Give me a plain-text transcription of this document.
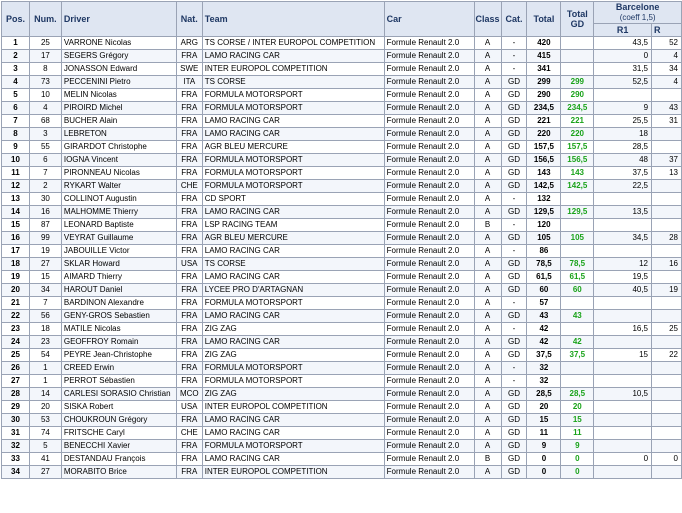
Pos.	Num.	Driver	Nat.	Team	Car	Class	Cat.	Total	Total GD	Barcelone
(coeff 1,5)	
										R1	R
1	25	VARRONE Nicolas	ARG	TS CORSE / INTER EUROPOL COMPETITION	Formule Renault 2.0	A	-	420		43,5	52
2	17	SEGERS Grégory	FRA	LAMO RACING CAR	Formule Renault 2.0	A	-	415		0	4
3	8	JONASSON Edward	SWE	INTER EUROPOL COMPETITION	Formule Renault 2.0	A	-	341		31,5	34
4	73	PECCENINI Pietro	ITA	TS CORSE	Formule Renault 2.0	A	GD	299	299	52,5	4
5	10	MELIN Nicolas	FRA	FORMULA MOTORSPORT	Formule Renault 2.0	A	GD	290	290		
6	4	PIROIRD Michel	FRA	FORMULA MOTORSPORT	Formule Renault 2.0	A	GD	234,5	234,5	9	43
7	68	BUCHER Alain	FRA	LAMO RACING CAR	Formule Renault 2.0	A	GD	221	221	25,5	31
8	3	LEBRETON	FRA	LAMO RACING CAR	Formule Renault 2.0	A	GD	220	220	18	
9	55	GIRARDOT Christophe	FRA	AGR BLEU MERCURE	Formule Renault 2.0	A	GD	157,5	157,5	28,5	
10	6	IOGNA Vincent	FRA	FORMULA MOTORSPORT	Formule Renault 2.0	A	GD	156,5	156,5	48	37
11	7	PIRONNEAU Nicolas	FRA	FORMULA MOTORSPORT	Formule Renault 2.0	A	GD	143	143	37,5	13
12	2	RYKART Walter	CHE	FORMULA MOTORSPORT	Formule Renault 2.0	A	GD	142,5	142,5	22,5	
13	30	COLLINOT Augustin	FRA	CD SPORT	Formule Renault 2.0	A	-	132			
14	16	MALHOMME Thierry	FRA	LAMO RACING CAR	Formule Renault 2.0	A	GD	129,5	129,5	13,5	
15	87	LEONARD Baptiste	FRA	LSP RACING TEAM	Formule Renault 2.0	B	-	120			
16	99	VEYRAT Guillaume	FRA	AGR BLEU MERCURE	Formule Renault 2.0	A	GD	105	105	34,5	28
17	19	JABOUILLE Victor	FRA	LAMO RACING CAR	Formule Renault 2.0	A	-	86			
18	27	SKLAR Howard	USA	TS CORSE	Formule Renault 2.0	A	GD	78,5	78,5	12	16
19	15	AIMARD Thierry	FRA	LAMO RACING CAR	Formule Renault 2.0	A	GD	61,5	61,5	19,5	
20	34	HAROUT Daniel	FRA	LYCEE PRO D'ARTAGNAN	Formule Renault 2.0	A	GD	60	60	40,5	19
21	7	BARDINON Alexandre	FRA	FORMULA MOTORSPORT	Formule Renault 2.0	A	-	57			
22	56	GENY-GROS Sebastien	FRA	LAMO RACING CAR	Formule Renault 2.0	A	GD	43	43		
23	18	MATILE Nicolas	FRA	ZIG ZAG	Formule Renault 2.0	A	-	42		16,5	25
24	23	GEOFFROY Romain	FRA	LAMO RACING CAR	Formule Renault 2.0	A	GD	42	42		
25	54	PEYRE Jean-Christophe	FRA	ZIG ZAG	Formule Renault 2.0	A	GD	37,5	37,5	15	22
26	1	CREED Erwin	FRA	FORMULA MOTORSPORT	Formule Renault 2.0	A	-	32			
27	1	PERROT Sébastien	FRA	FORMULA MOTORSPORT	Formule Renault 2.0	A	-	32			
28	14	CARLESI SORASIO Christian	MCO	ZIG ZAG	Formule Renault 2.0	A	GD	28,5	28,5	10,5	
29	20	SISKA Robert	USA	INTER EUROPOL COMPETITION	Formule Renault 2.0	A	GD	20	20		
30	53	CHOUKROUN Grégory	FRA	LAMO RACING CAR	Formule Renault 2.0	A	GD	15	15		
31	74	FRITSCHE Caryl	CHE	LAMO RACING CAR	Formule Renault 2.0	A	GD	11	11		
32	5	BENECCHI Xavier	FRA	FORMULA MOTORSPORT	Formule Renault 2.0	A	GD	9	9		
33	41	DESTANDAU François	FRA	LAMO RACING CAR	Formule Renault 2.0	B	GD	0	0	0	0
34	27	MORABITO Brice	FRA	INTER EUROPOL COMPETITION	Formule Renault 2.0	A	GD	0	0		
